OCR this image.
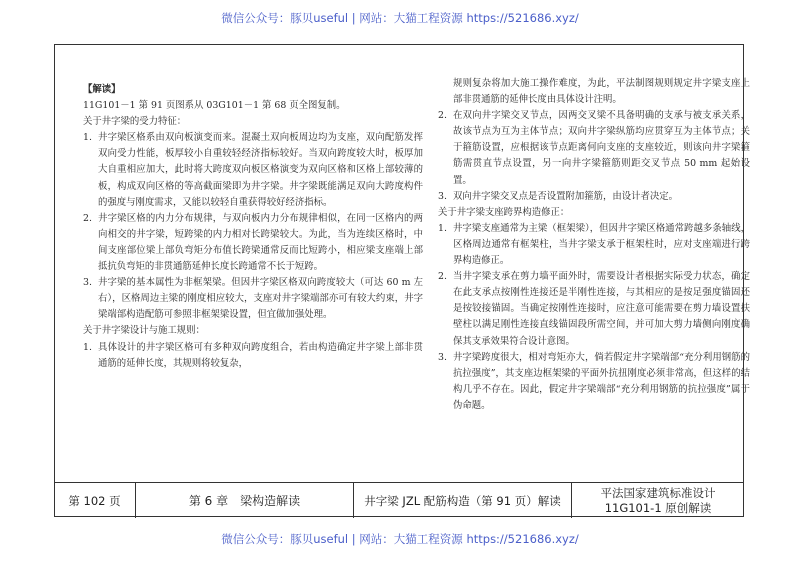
微信公众号：豚贝useful | 网站：大猫工程资源 https://521686.xyz/

【解读】

11G101－1 第 91 页图系从 03G101－1 第 68 页全图复制。

关于井字梁的受力特征：

1. 井字梁区格系由双向板演变而来。混凝土双向板周边均为支座，双向配筋发挥双向受力性能，板厚较小自重较轻经济指标较好。当双向跨度较大时，板厚加大自重相应加大，此时将大跨度双向板区格演变为双向区格和区格上部较薄的板，构成双向区格的等高截面梁即为井字梁。井字梁既能满足双向大跨度构件的强度与刚度需求，又能以较轻自重获得较好经济指标。
2. 井字梁区格的内力分布规律，与双向板内力分布规律相似，在同一区格内的两向相交的井字梁，短跨梁的内力相对长跨梁较大。为此，当为连续区格时，中间支座部位梁上部负弯矩分布值长跨梁通常反而比短跨小，相应梁支座端上部抵抗负弯矩的非贯通筋延伸长度长跨通常不长于短跨。
3. 井字梁的基本属性为非框架梁。但因井字梁区格双向跨度较大（可达 60 m 左右），区格周边主梁的刚度相应较大，支座对井字梁端部亦可有较大约束，井字梁端部构造配筋可参照非框架梁设置，但宜做加强处理。

关于井字梁设计与施工规则：

1. 具体设计的井字梁区格可有多种双向跨度组合，若由构造确定井字梁上部非贯通筋的延伸长度，其规则将较复杂，

规则复杂将加大施工操作难度，为此，平法制图规则规定井字梁支座上部非贯通筋的延伸长度由具体设计注明。

2. 在双向井字梁交叉节点，因两交叉梁不具备明确的支承与被支承关系，故该节点为互为主体节点；双向井字梁纵筋均应贯穿互为主体节点；关于箍筋设置，应根据该节点距离何向支座的支座较近，则该向井字梁箍筋需贯直节点设置，另一向井字梁箍筋则距交叉节点 50 mm 起始设置。
3. 双向井字梁交叉点是否设置附加箍筋，由设计者决定。

关于井字梁支座跨界构造修正：

1. 井字梁支座通常为主梁（框架梁），但因井字梁区格通常跨越多条轴线，区格周边通常有框架柱，当井字梁支承于框架柱时，应对支座端进行跨界构造修正。
2. 当井字梁支承在剪力墙平面外时，需要设计者根据实际受力状态，确定在此支承点按刚性连接还是半刚性连接，与其相应的是按足强度锚固还是按铰接锚固。当确定按刚性连接时，应注意可能需要在剪力墙设置扶壁柱以满足刚性连接直线锚固段所需空间，并可加大剪力墙侧向刚度确保其支承效果符合设计意图。
3. 井字梁跨度很大，相对弯矩亦大，倘若假定井字梁端部“充分利用钢筋的抗拉强度”，其支座边框架梁的平面外抗扭刚度必须非常高，但这样的结构几乎不存在。因此，假定井字梁端部“充分利用钢筋的抗拉强度”属于伪命题。
第 102 页	第 6 章　梁构造解读	井字梁 JZL 配筋构造（第 91 页）解读
平法国家建筑标准设计
11G101-1 原创解读
微信公众号：豚贝useful | 网站：大猫工程资源 https://521686.xyz/
